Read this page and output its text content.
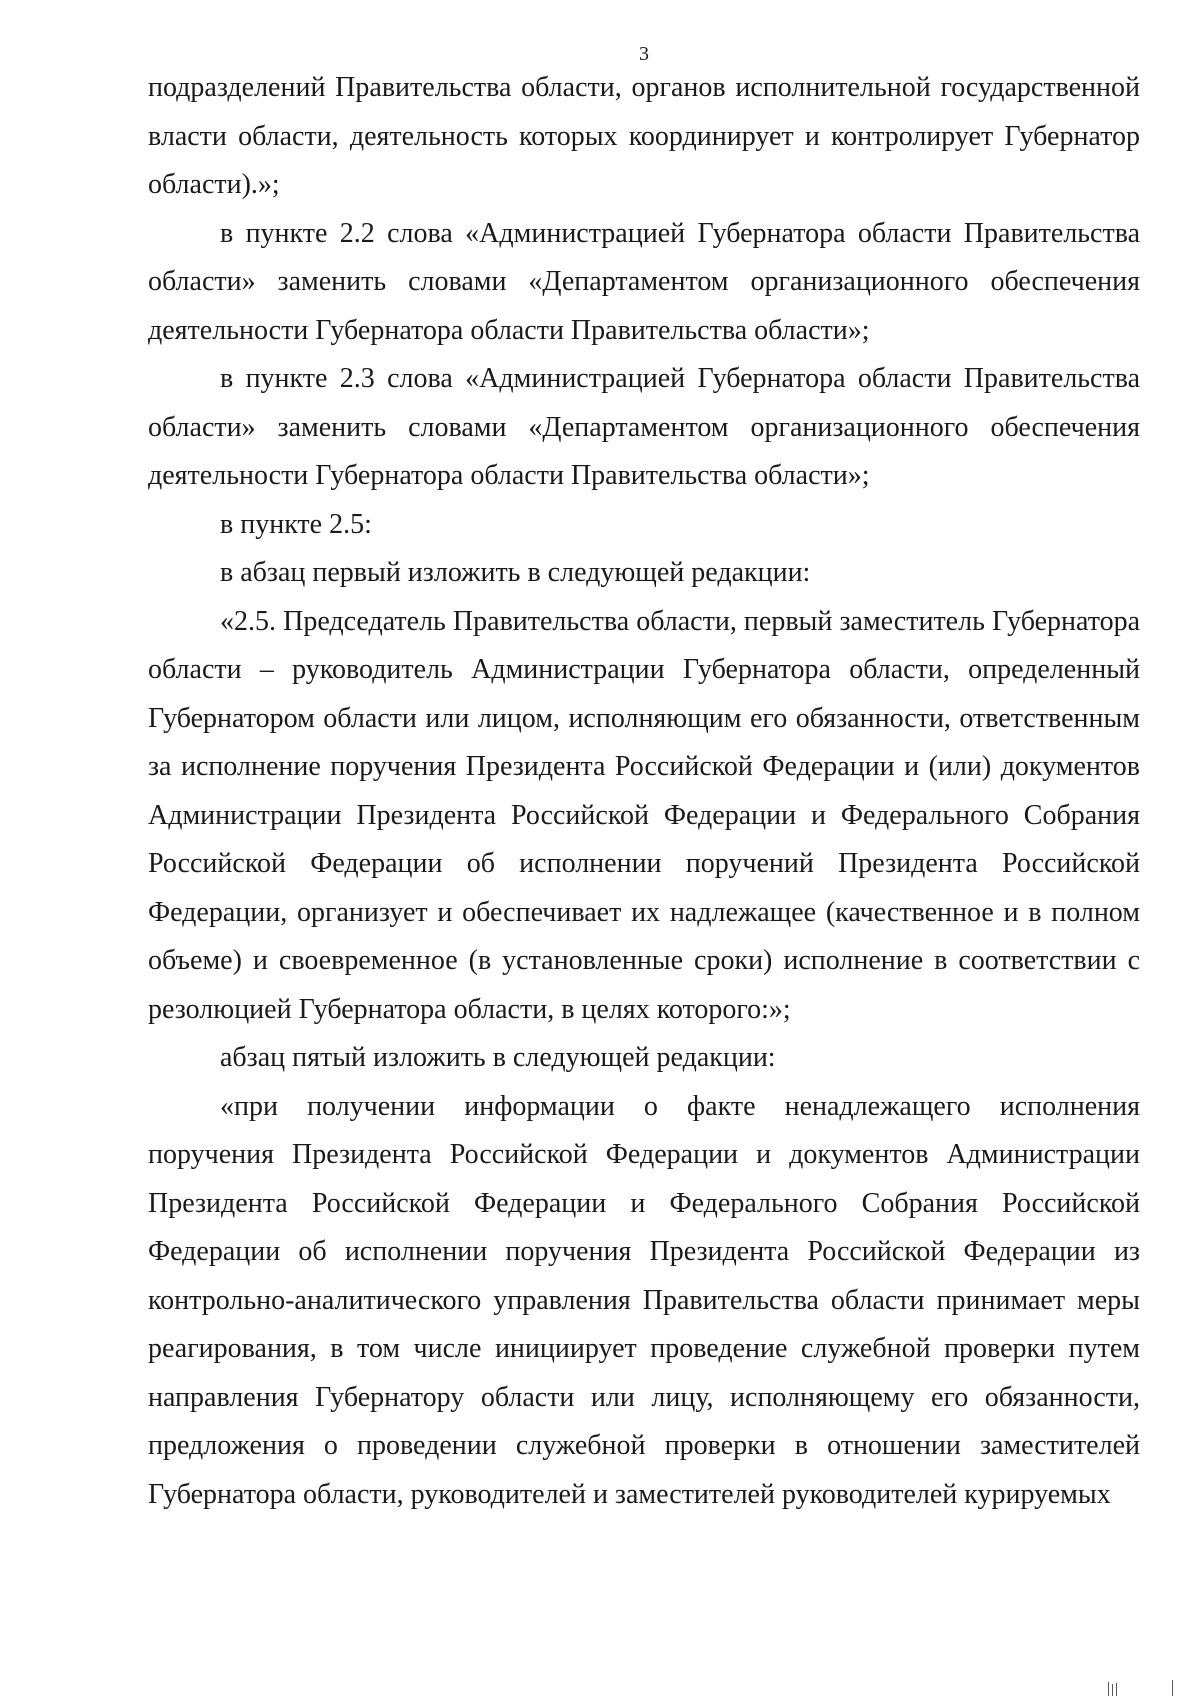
3

подразделений Правительства области, органов исполнительной государственной власти области, деятельность которых координирует и контролирует Губернатор области).»;

в пункте 2.2 слова «Администрацией Губернатора области Правительства области» заменить словами «Департаментом организационного обеспечения деятельности Губернатора области Правительства области»;

в пункте 2.3 слова «Администрацией Губернатора области Правительства области» заменить словами «Департаментом организационного обеспечения деятельности Губернатора области Правительства области»;

в пункте 2.5:

в абзац первый изложить в следующей редакции:

«2.5. Председатель Правительства области, первый заместитель Губернатора области – руководитель Администрации Губернатора области, определенный Губернатором области или лицом, исполняющим его обязанности, ответственным за исполнение поручения Президента Российской Федерации и (или) документов Администрации Президента Российской Федерации и Федерального Собрания Российской Федерации об исполнении поручений Президента Российской Федерации, организует и обеспечивает их надлежащее (качественное и в полном объеме) и своевременное (в установленные сроки) исполнение в соответствии с резолюцией Губернатора области, в целях которого:»;

абзац пятый изложить в следующей редакции:

«при получении информации о факте ненадлежащего исполнения поручения Президента Российской Федерации и документов Администрации Президента Российской Федерации и Федерального Собрания Российской Федерации об исполнении поручения Президента Российской Федерации из контрольно-аналитического управления Правительства области принимает меры реагирования, в том числе инициирует проведение служебной проверки путем направления Губернатору области или лицу, исполняющему его обязанности, предложения о проведении служебной проверки в отношении заместителей Губернатора области, руководителей и заместителей руководителей курируемых
